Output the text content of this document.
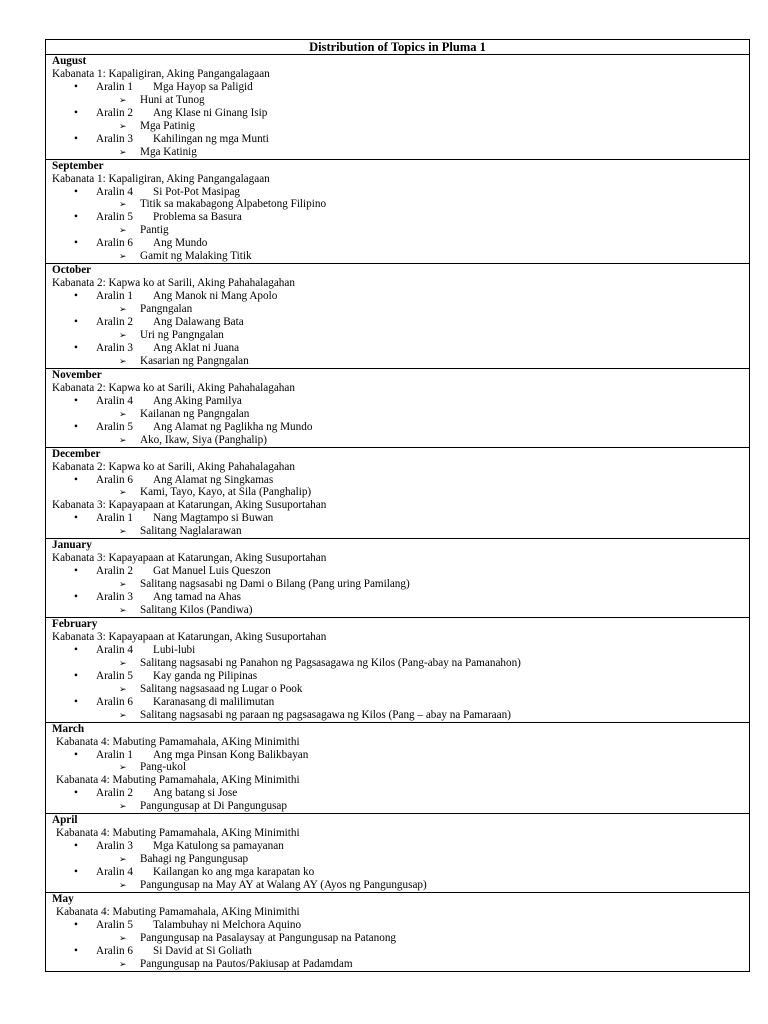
Distribution of Topics in Pluma 1

August
Kabanata 1: Kapaligiran, Aking Pangangalagaan
• Aralin 1 Mga Hayop sa Paligid
➢ Huni at Tunog
• Aralin 2 Ang Klase ni Ginang Isip
➢ Mga Patinig
• Aralin 3 Kahilingan ng mga Munti
➢ Mga Katinig

September
Kabanata 1: Kapaligiran, Aking Pangangalagaan
• Aralin 4 Si Pot-Pot Masipag
➢ Titik sa makabagong Alpabetong Filipino
• Aralin 5 Problema sa Basura
➢ Pantig
• Aralin 6 Ang Mundo
➢ Gamit ng Malaking Titik

October
Kabanata 2: Kapwa ko at Sarili, Aking Pahahalagahan
• Aralin 1 Ang Manok ni Mang Apolo
➢ Pangngalan
• Aralin 2 Ang Dalawang Bata
➢ Uri ng Pangngalan
• Aralin 3 Ang Aklat ni Juana
➢ Kasarian ng Pangngalan

November
Kabanata 2: Kapwa ko at Sarili, Aking Pahahalagahan
• Aralin 4 Ang Aking Pamilya
➢ Kailanan ng Pangngalan
• Aralin 5 Ang Alamat ng Paglikha ng Mundo
➢ Ako, Ikaw, Siya (Panghalip)

December
Kabanata 2: Kapwa ko at Sarili, Aking Pahahalagahan
• Aralin 6 Ang Alamat ng Singkamas
➢ Kami, Tayo, Kayo, at Sila (Panghalip)
Kabanata 3: Kapayapaan at Katarungan, Aking Susuportahan
• Aralin 1 Nang Magtampo si Buwan
➢ Salitang Naglalarawan

January
Kabanata 3: Kapayapaan at Katarungan, Aking Susuportahan
• Aralin 2 Gat Manuel Luis Queszon
➢ Salitang nagsasabi ng Dami o Bilang (Pang uring Pamilang)
• Aralin 3 Ang tamad na Ahas
➢ Salitang Kilos (Pandiwa)

February
Kabanata 3: Kapayapaan at Katarungan, Aking Susuportahan
• Aralin 4 Lubi-lubi
➢ Salitang nagsasabi ng Panahon ng Pagsasagawa ng Kilos (Pang-abay na Pamanahon)
• Aralin 5 Kay ganda ng Pilipinas
➢ Salitang nagsasaad ng Lugar o Pook
• Aralin 6 Karanasang di malilimutan
➢ Salitang nagsasabi ng paraan ng pagsasagawa ng Kilos (Pang – abay na Pamaraan)

March
Kabanata 4: Mabuting Pamamahala, AKing Minimithi
• Aralin 1 Ang mga Pinsan Kong Balikbayan
➢ Pang-ukol
Kabanata 4: Mabuting Pamamahala, AKing Minimithi
• Aralin 2 Ang batang si Jose
➢ Pangungusap at Di Pangungusap

April
Kabanata 4: Mabuting Pamamahala, AKing Minimithi
• Aralin 3 Mga Katulong sa pamayanan
➢ Bahagi ng Pangungusap
• Aralin 4 Kailangan ko ang mga karapatan ko
➢ Pangungusap na May AY at Walang AY (Ayos ng Pangungusap)

May
Kabanata 4: Mabuting Pamamahala, AKing Minimithi
• Aralin 5 Talambuhay ni Melchora Aquino
➢ Pangungusap na Pasalaysay at Pangungusap na Patanong
• Aralin 6 Si David at Si Goliath
➢ Pangungusap na Pautos/Pakiusap at Padamdam
